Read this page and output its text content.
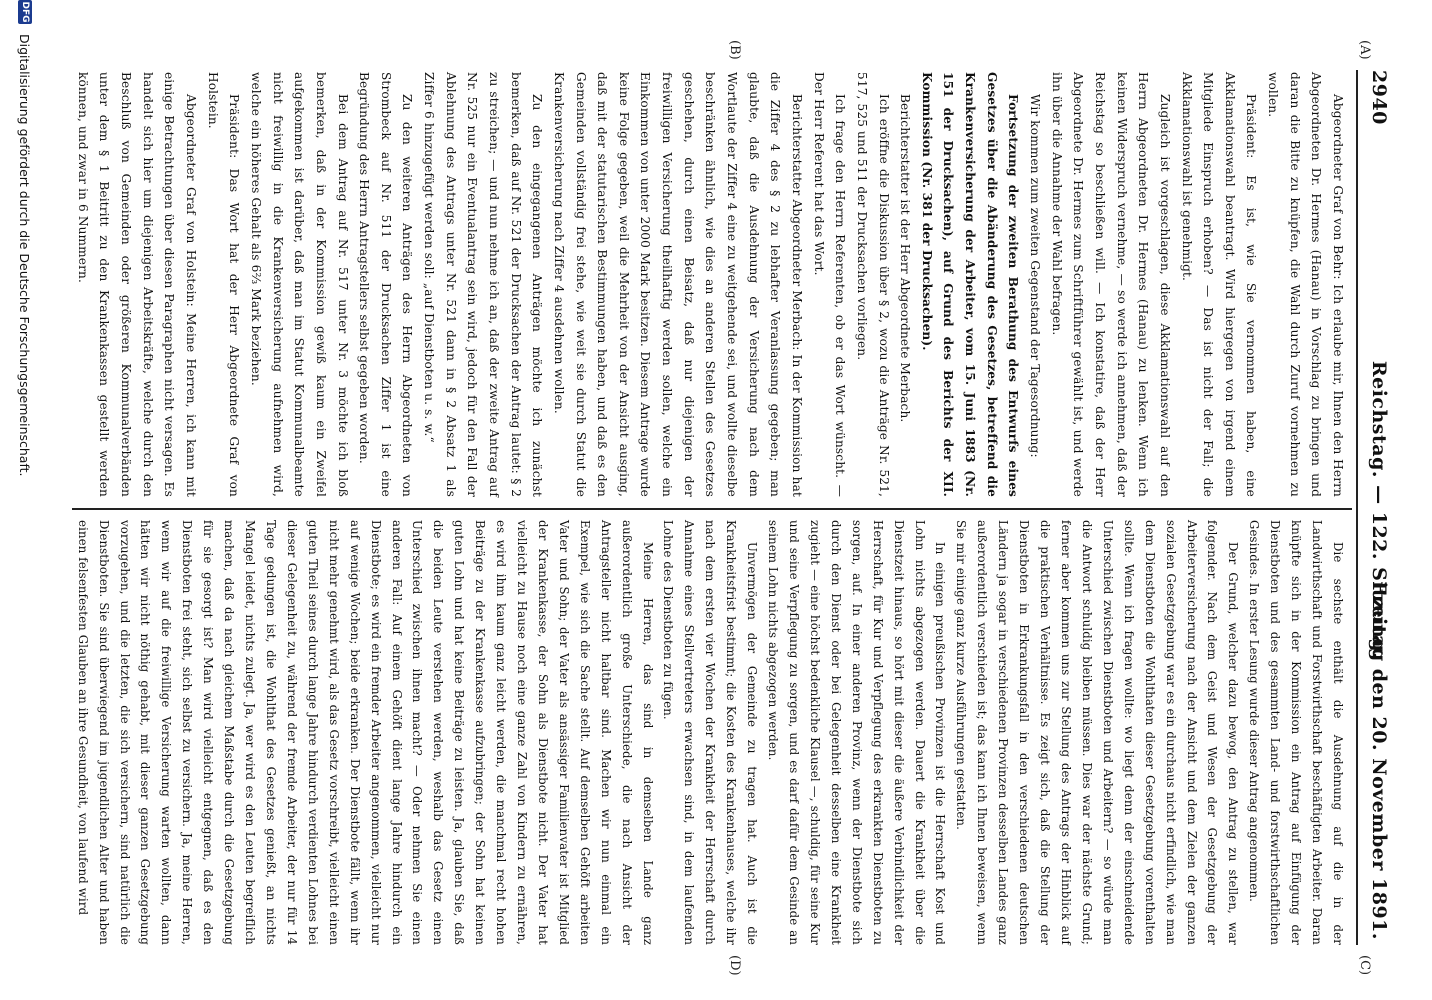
2940
Reichstag. — 122. Sitzung.
Freitag den 20. November 1891.
(A)
(B)
(C)
(D)

Abgeordneter Graf von Behr: Ich erlaube mir, Ihnen den Herrn Abgeordneten Dr. Hermes (Hanau) in Vorschlag zu bringen und daran die Bitte zu knüpfen, die Wahl durch Zuruf vornehmen zu wollen.

Präsident: Es ist, wie Sie vernommen haben, eine Akklamationswahl beantragt. Wird hiergegen von irgend einem Mitgliede Einspruch erhoben? — Das ist nicht der Fall; die Akklamationswahl ist genehmigt.

Zugleich ist vorgeschlagen, diese Akklamationswahl auf den Herrn Abgeordneten Dr. Hermes (Hanau) zu lenken. Wenn ich keinen Widerspruch vernehme, — so werde ich annehmen, daß der Reichstag so beschließen will. — Ich konstatire, daß der Herr Abgeordnete Dr. Hermes zum Schriftführer gewählt ist, und werde ihn über die Annahme der Wahl befragen.

Wir kommen zum zweiten Gegenstand der Tagesordnung:

Fortsetzung der zweiten Berathung des Entwurfs eines Gesetzes über die Abänderung des Gesetzes, betreffend die Krankenversicherung der Arbeiter, vom 15. Juni 1883 (Nr. 151 der Drucksachen), auf Grund des Berichts der XII. Kommission (Nr. 381 der Drucksachen).

Berichterstatter ist der Herr Abgeordnete Merbach.

Ich eröffne die Diskussion über § 2, wozu die Anträge Nr. 521, 517, 525 und 511 der Drucksachen vorliegen.

Ich frage den Herrn Referenten, ob er das Wort wünscht. — Der Herr Referent hat das Wort.

Berichterstatter Abgeordneter Merbach: In der Kommission hat die Ziffer 4 des § 2 zu lebhafter Veranlassung gegeben; man glaubte, daß die Ausdehnung der Versicherung nach dem Wortlaute der Ziffer 4 eine zu weitgehende sei, und wollte dieselbe beschränken ähnlich, wie dies an anderen Stellen des Gesetzes geschehen, durch einen Beisatz, daß nur diejenigen der freiwilligen Versicherung theilhaftig werden sollen, welche ein Einkommen von unter 2000 Mark besitzen. Diesem Antrage wurde keine Folge gegeben, weil die Mehrheit von der Ansicht ausging, daß mit der statutarischen Bestimmungen haben, und daß es den Gemeinden vollständig frei stehe, wie weit sie durch Statut die Krankenversicherung nach Ziffer 4 ausdehnen wollen.

Zu den eingegangenen Anträgen möchte ich zunächst bemerken, daß auf Nr. 521 der Drucksachen der Antrag lautet: § 2 zu streichen; — und nun nehme ich an, daß der zweite Antrag auf Nr. 525 nur ein Eventualantrag sein wird, jedoch für den Fall der Ablehnung des Antrags unter Nr. 521 dann in § 2 Absatz 1 als Ziffer 6 hinzugefügt werden soll: „auf Dienstboten u. s. w.“

Zu den weiteren Anträgen des Herrn Abgeordneten von Strombeck auf Nr. 511 der Drucksachen Ziffer 1 ist eine Begründung des Herrn Antragstellers selbst gegeben worden.

Bei dem Antrag auf Nr. 517 unter Nr. 3 möchte ich bloß bemerken, daß in der Kommission gewiß kaum ein Zweifel aufgekommen ist darüber, daß man im Statut Kommunalbeamte nicht freiwillig in die Krankenversicherung aufnehmen wird, welche ein höheres Gehalt als 6⅔ Mark beziehen.

Präsident: Das Wort hat der Herr Abgeordnete Graf von Holstein.

Abgeordneter Graf von Holstein: Meine Herren, ich kann mit einige Betrachtungen über diesen Paragraphen nicht versagen. Es handelt sich hier um diejenigen Arbeitskräfte, welche durch den Beschluß von Gemeinden oder größeren Kommunalverbänden unter dem § 1 Beitritt zu den Krankenkassen gestellt werden können, und zwar in 6 Nummern.

Die sechste enthält die Ausdehnung auf die in der Landwirthschaft und Forstwirthschaft beschäftigten Arbeiter. Daran knüpfte sich in der Kommission ein Antrag auf Einfügung der Dienstboten und des gesammten Land- und forstwirthschaftlichen Gesindes. In erster Lesung wurde dieser Antrag angenommen.

Der Grund, welcher dazu bewog, den Antrag zu stellen, war folgender. Nach dem Geist und Wesen der Gesetzgebung der Arbeiterversicherung nach der Ansicht und dem Zielen der ganzen sozialen Gesetzgebung war es ein durchaus nicht erfindlich, wie man dem Dienstboten die Wohlthaten dieser Gesetzgebung vorenthalten sollte. Wenn ich fragen wollte: wo liegt denn der einschneidende Unterschied zwischen Dienstboten und Arbeitern? — so würde man die Antwort schuldig bleiben müssen. Dies war der nächste Grund; ferner aber kommen uns zur Stellung des Antrags der Hinblick auf die praktischen Verhältnisse. Es zeigt sich, daß die Stellung der Dienstboten in Erkrankungsfall in den verschiedenen deutschen Ländern ja sogar in verschiedenen Provinzen desselben Landes ganz außerordentlich verschieden ist; das kann ich Ihnen beweisen, wenn Sie mir einige ganz kurze Ausführungen gestatten.

In einigen preußischen Provinzen ist die Herrschaft Kost und Lohn nichts abgezogen werden. Dauert die Krankheit über die Dienstzeit hinaus, so hört mit dieser die äußere Verbindlichkeit der Herrschaft, für Kur und Verpflegung des erkrankten Dienstboten zu sorgen, auf. In einer anderen Provinz, wenn der Dienstbote sich durch den Dienst oder bei Gelegenheit desselben eine Krankheit zugieht — eine höchst bedenkliche Klausel —, schuldig, für seine Kur und seine Verpflegung zu sorgen, und es darf dafür dem Gesinde an seinem Lohn nichts abgezogen werden.

Unvermögen der Gemeinde zu tragen hat. Auch ist die Krankheitsfrist bestimmt; die Kosten des Krankenhauses, welche ihr nach dem ersten vier Wochen der Krankheit der Herrschaft durch Annahme eines Stellvertreters erwachsen sind, in dem laufenden Lohne des Dienstboten zu fügen.

Meine Herren, das sind in demselben Lande ganz außerordentlich große Unterschiede, die nach Ansicht der Antragsteller nicht haltbar sind. Machen wir nun einmal ein Exempel, wie sich die Sache stellt. Auf demselben Gehöft arbeiten Vater und Sohn; der Vater als ansässiger Familienvater ist Mitglied der Krankenkasse, der Sohn als Dienstbote nicht. Der Vater hat vielleicht zu Hause noch eine ganze Zahl von Kindern zu ernähren, es wird ihm kaum ganz leicht werden, die manchmal recht hohen Beiträge zu der Krankenkasse aufzubringen; der Sohn hat keinen guten Lohn und hat keine Beiträge zu leisten. Ja, glauben Sie, daß die beiden Leute verstehen werden, weshalb das Gesetz einen Unterschied zwischen ihnen macht? — Oder nehmen Sie einen anderen Fall: Auf einem Gehöft dient lange Jahre hindurch ein Dienstbote; es wird ein fremder Arbeiter angenommen, vielleicht nur auf wenige Wochen; beide erkranken. Der Dienstbote fällt, wenn ihr nicht mehr genehmt wird, als das Gesetz vorschreibt, vielleicht einen guten Theil seines durch lange Jahre hindurch verdienten Lohnes bei dieser Gelegenheit zu, während der fremde Arbeiter, der nur für 14 Tage gedungen ist, die Wohlthat des Gesetzes genießt, an nichts Mangel leidet, nichts zulegt. Ja, wer wird es den Leuten begreiflich machen, daß da nach gleichem Maßstabe durch die Gesetzgebung für sie gesorgt ist? Man wird vielleicht entgegnen, daß es den Dienstboten frei steht, sich selbst zu versichern. Ja, meine Herren, wenn wir auf die freiwillige Versicherung warten wollten, dann hätten wir nicht nöthig gehabt, mit dieser ganzen Gesetzgebung vorzugehen, und die letzten, die sich versichern, sind natürlich die Dienstboten. Sie sind überwiegend im jugendlichen Alter und haben einen felsenfesten Glauben an ihre Gesundheit, von laufend wird

DFG
Digitalisierung gefördert durch die Deutsche Forschungsgemeinschaft.
